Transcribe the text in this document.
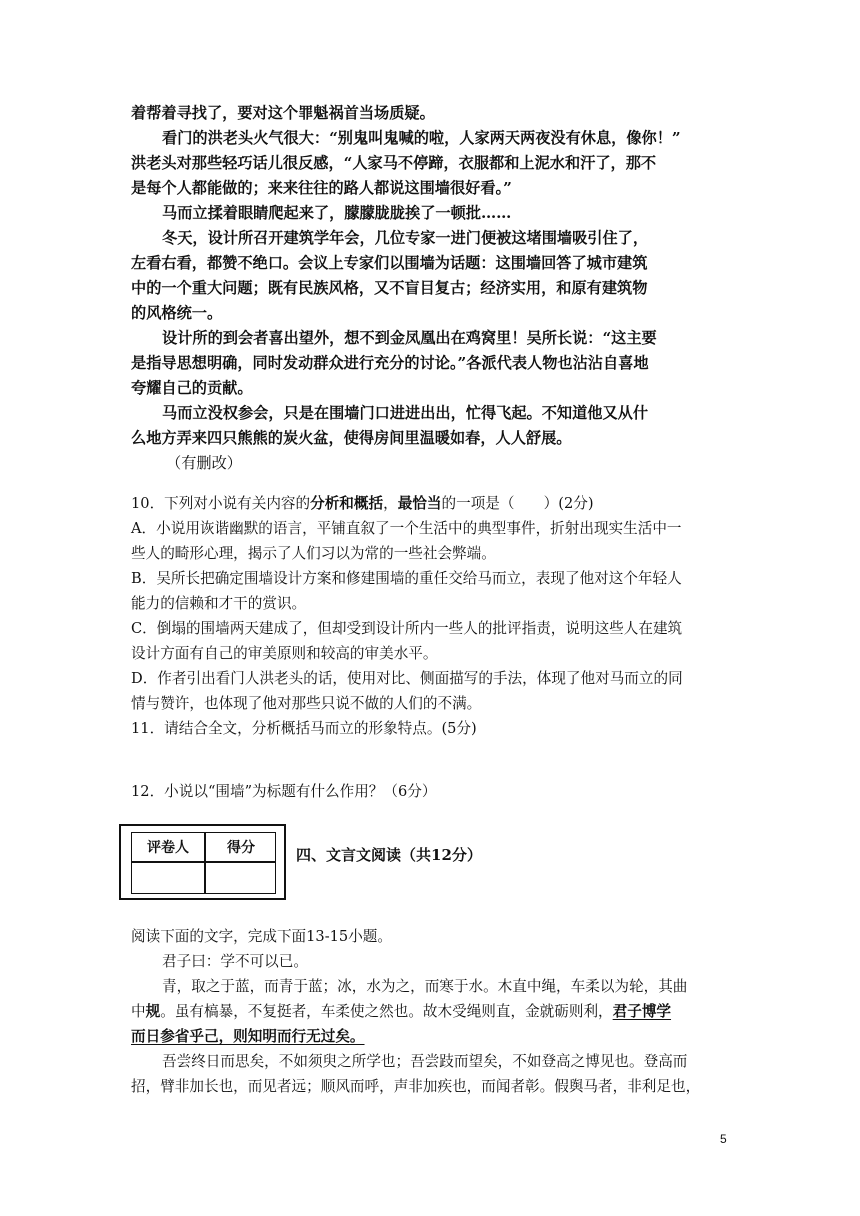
着帮着寻找了，要对这个罪魁祸首当场质疑。
看门的洪老头火气很大：“别鬼叫鬼喊的啦，人家两天两夜没有休息，像你！”
洪老头对那些轻巧话儿很反感，“人家马不停蹄，衣服都和上泥水和汗了，那不
是每个人都能做的；来来往往的路人都说这围墙很好看。”
马而立揉着眼睛爬起来了，朦朦胧胧挨了一顿批……
冬天，设计所召开建筑学年会，几位专家一进门便被这堵围墙吸引住了，
左看右看，都赞不绝口。会议上专家们以围墙为话题：这围墙回答了城市建筑
中的一个重大问题；既有民族风格，又不盲目复古；经济实用，和原有建筑物
的风格统一。
设计所的到会者喜出望外，想不到金凤凰出在鸡窝里！吴所长说：“这主要
是指导思想明确，同时发动群众进行充分的讨论。”各派代表人物也沾沾自喜地
夸耀自己的贡献。
马而立没权参会，只是在围墙门口进进出出，忙得飞起。不知道他又从什
么地方弄来四只熊熊的炭火盆，使得房间里温暖如春，人人舒展。
（有删改）
10．下列对小说有关内容的分析和概括，最恰当的一项是（　　）(2分)
A．小说用诙谐幽默的语言，平铺直叙了一个生活中的典型事件，折射出现实生活中一
些人的畸形心理，揭示了人们习以为常的一些社会弊端。
B．吴所长把确定围墙设计方案和修建围墙的重任交给马而立，表现了他对这个年轻人
能力的信赖和才干的赏识。
C．倒塌的围墙两天建成了，但却受到设计所内一些人的批评指责，说明这些人在建筑
设计方面有自己的审美原则和较高的审美水平。
D．作者引出看门人洪老头的话，使用对比、侧面描写的手法，体现了他对马而立的同
情与赞许，也体现了他对那些只说不做的人们的不满。
11．请结合全文，分析概括马而立的形象特点。(5分)
12．小说以“围墙”为标题有什么作用？（6分）
评卷人	得分	四、文言文阅读（共12分）
阅读下面的文字，完成下面13-15小题。
君子曰：学不可以已。
青，取之于蓝，而青于蓝；冰，水为之，而寒于水。木直中绳，车柔以为轮，其曲
中规。虽有槁暴，不复挺者，车柔使之然也。故木受绳则直，金就砺则利，君子博学
而日参省乎己，则知明而行无过矣。
吾尝终日而思矣，不如须臾之所学也；吾尝跂而望矣，不如登高之博见也。登高而
招，臂非加长也，而见者远；顺风而呼，声非加疾也，而闻者彰。假舆马者，非利足也，
5
